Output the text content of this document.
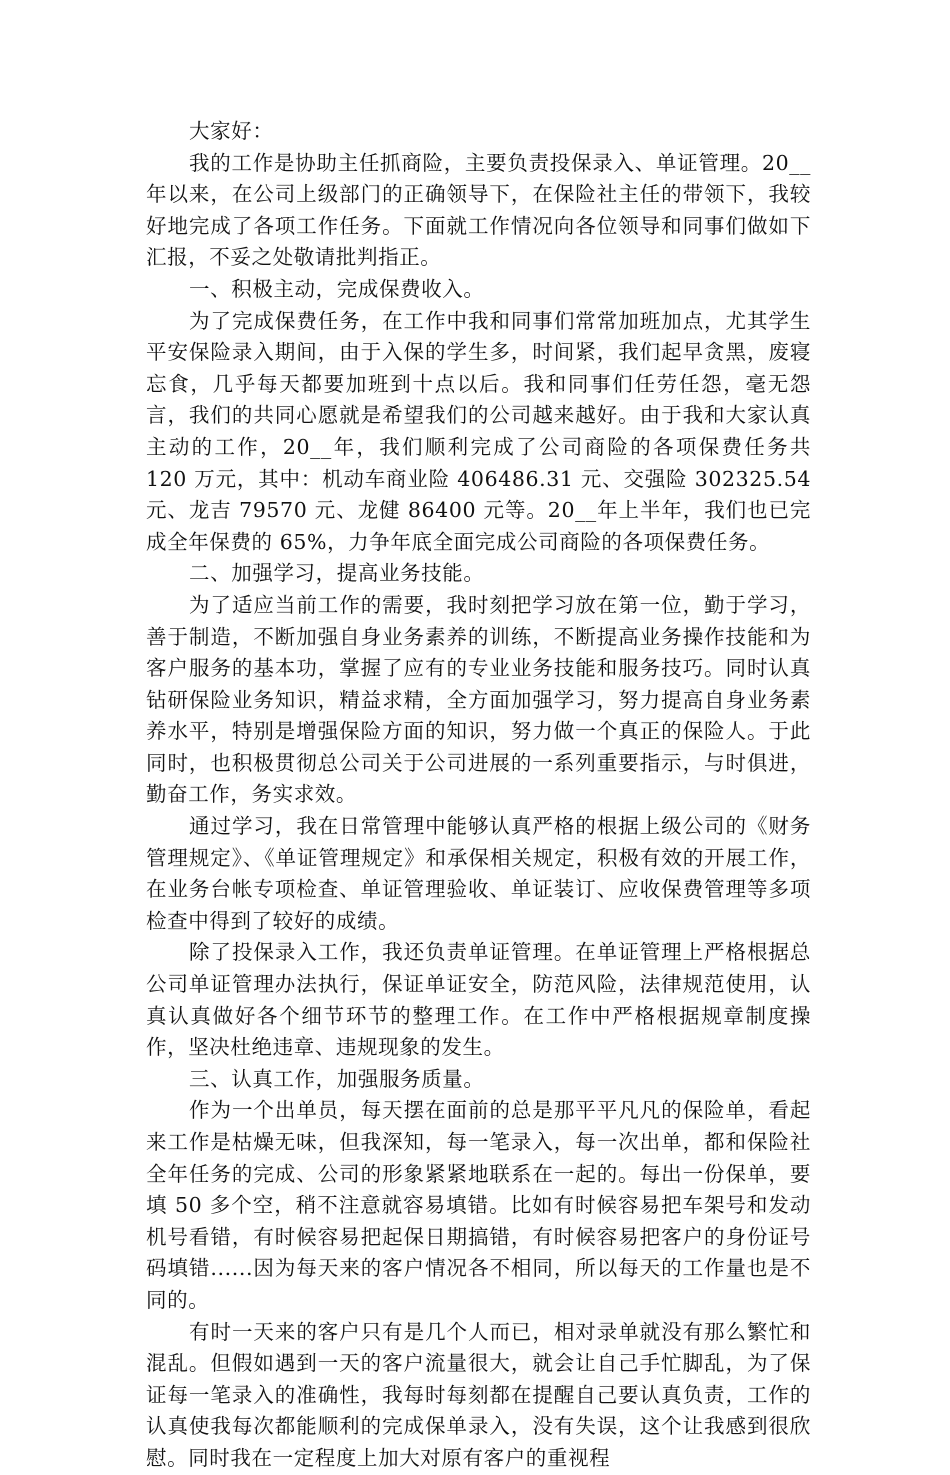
大家好：

我的工作是协助主任抓商险，主要负责投保录入、单证管理。20__年以来，在公司上级部门的正确领导下，在保险社主任的带领下，我较好地完成了各项工作任务。下面就工作情况向各位领导和同事们做如下汇报，不妥之处敬请批判指正。

一、积极主动，完成保费收入。

为了完成保费任务，在工作中我和同事们常常加班加点，尤其学生平安保险录入期间，由于入保的学生多，时间紧，我们起早贪黑，废寝忘食，几乎每天都要加班到十点以后。我和同事们任劳任怨，毫无怨言，我们的共同心愿就是希望我们的公司越来越好。由于我和大家认真主动的工作，20__年，我们顺利完成了公司商险的各项保费任务共 120 万元，其中：机动车商业险 406486.31 元、交强险 302325.54 元、龙吉 79570 元、龙健 86400 元等。20__年上半年，我们也已完成全年保费的 65%，力争年底全面完成公司商险的各项保费任务。

二、加强学习，提高业务技能。

为了适应当前工作的需要，我时刻把学习放在第一位，勤于学习，善于制造，不断加强自身业务素养的训练，不断提高业务操作技能和为客户服务的基本功，掌握了应有的专业业务技能和服务技巧。同时认真钻研保险业务知识，精益求精，全方面加强学习，努力提高自身业务素养水平，特别是增强保险方面的知识，努力做一个真正的保险人。于此同时，也积极贯彻总公司关于公司进展的一系列重要指示，与时俱进，勤奋工作，务实求效。

通过学习，我在日常管理中能够认真严格的根据上级公司的《财务管理规定》、《单证管理规定》和承保相关规定，积极有效的开展工作，在业务台帐专项检查、单证管理验收、单证装订、应收保费管理等多项检查中得到了较好的成绩。

除了投保录入工作，我还负责单证管理。在单证管理上严格根据总公司单证管理办法执行，保证单证安全，防范风险，法律规范使用，认真认真做好各个细节环节的整理工作。在工作中严格根据规章制度操作，坚决杜绝违章、违规现象的发生。

三、认真工作，加强服务质量。

作为一个出单员，每天摆在面前的总是那平平凡凡的保险单，看起来工作是枯燥无味，但我深知，每一笔录入，每一次出单，都和保险社全年任务的完成、公司的形象紧紧地联系在一起的。每出一份保单，要填 50 多个空，稍不注意就容易填错。比如有时候容易把车架号和发动机号看错，有时候容易把起保日期搞错，有时候容易把客户的身份证号码填错......因为每天来的客户情况各不相同，所以每天的工作量也是不同的。

有时一天来的客户只有是几个人而已，相对录单就没有那么繁忙和混乱。但假如遇到一天的客户流量很大，就会让自己手忙脚乱，为了保证每一笔录入的准确性，我每时每刻都在提醒自己要认真负责，工作的认真使我每次都能顺利的完成保单录入，没有失误，这个让我感到很欣慰。同时我在一定程度上加大对原有客户的重视程
